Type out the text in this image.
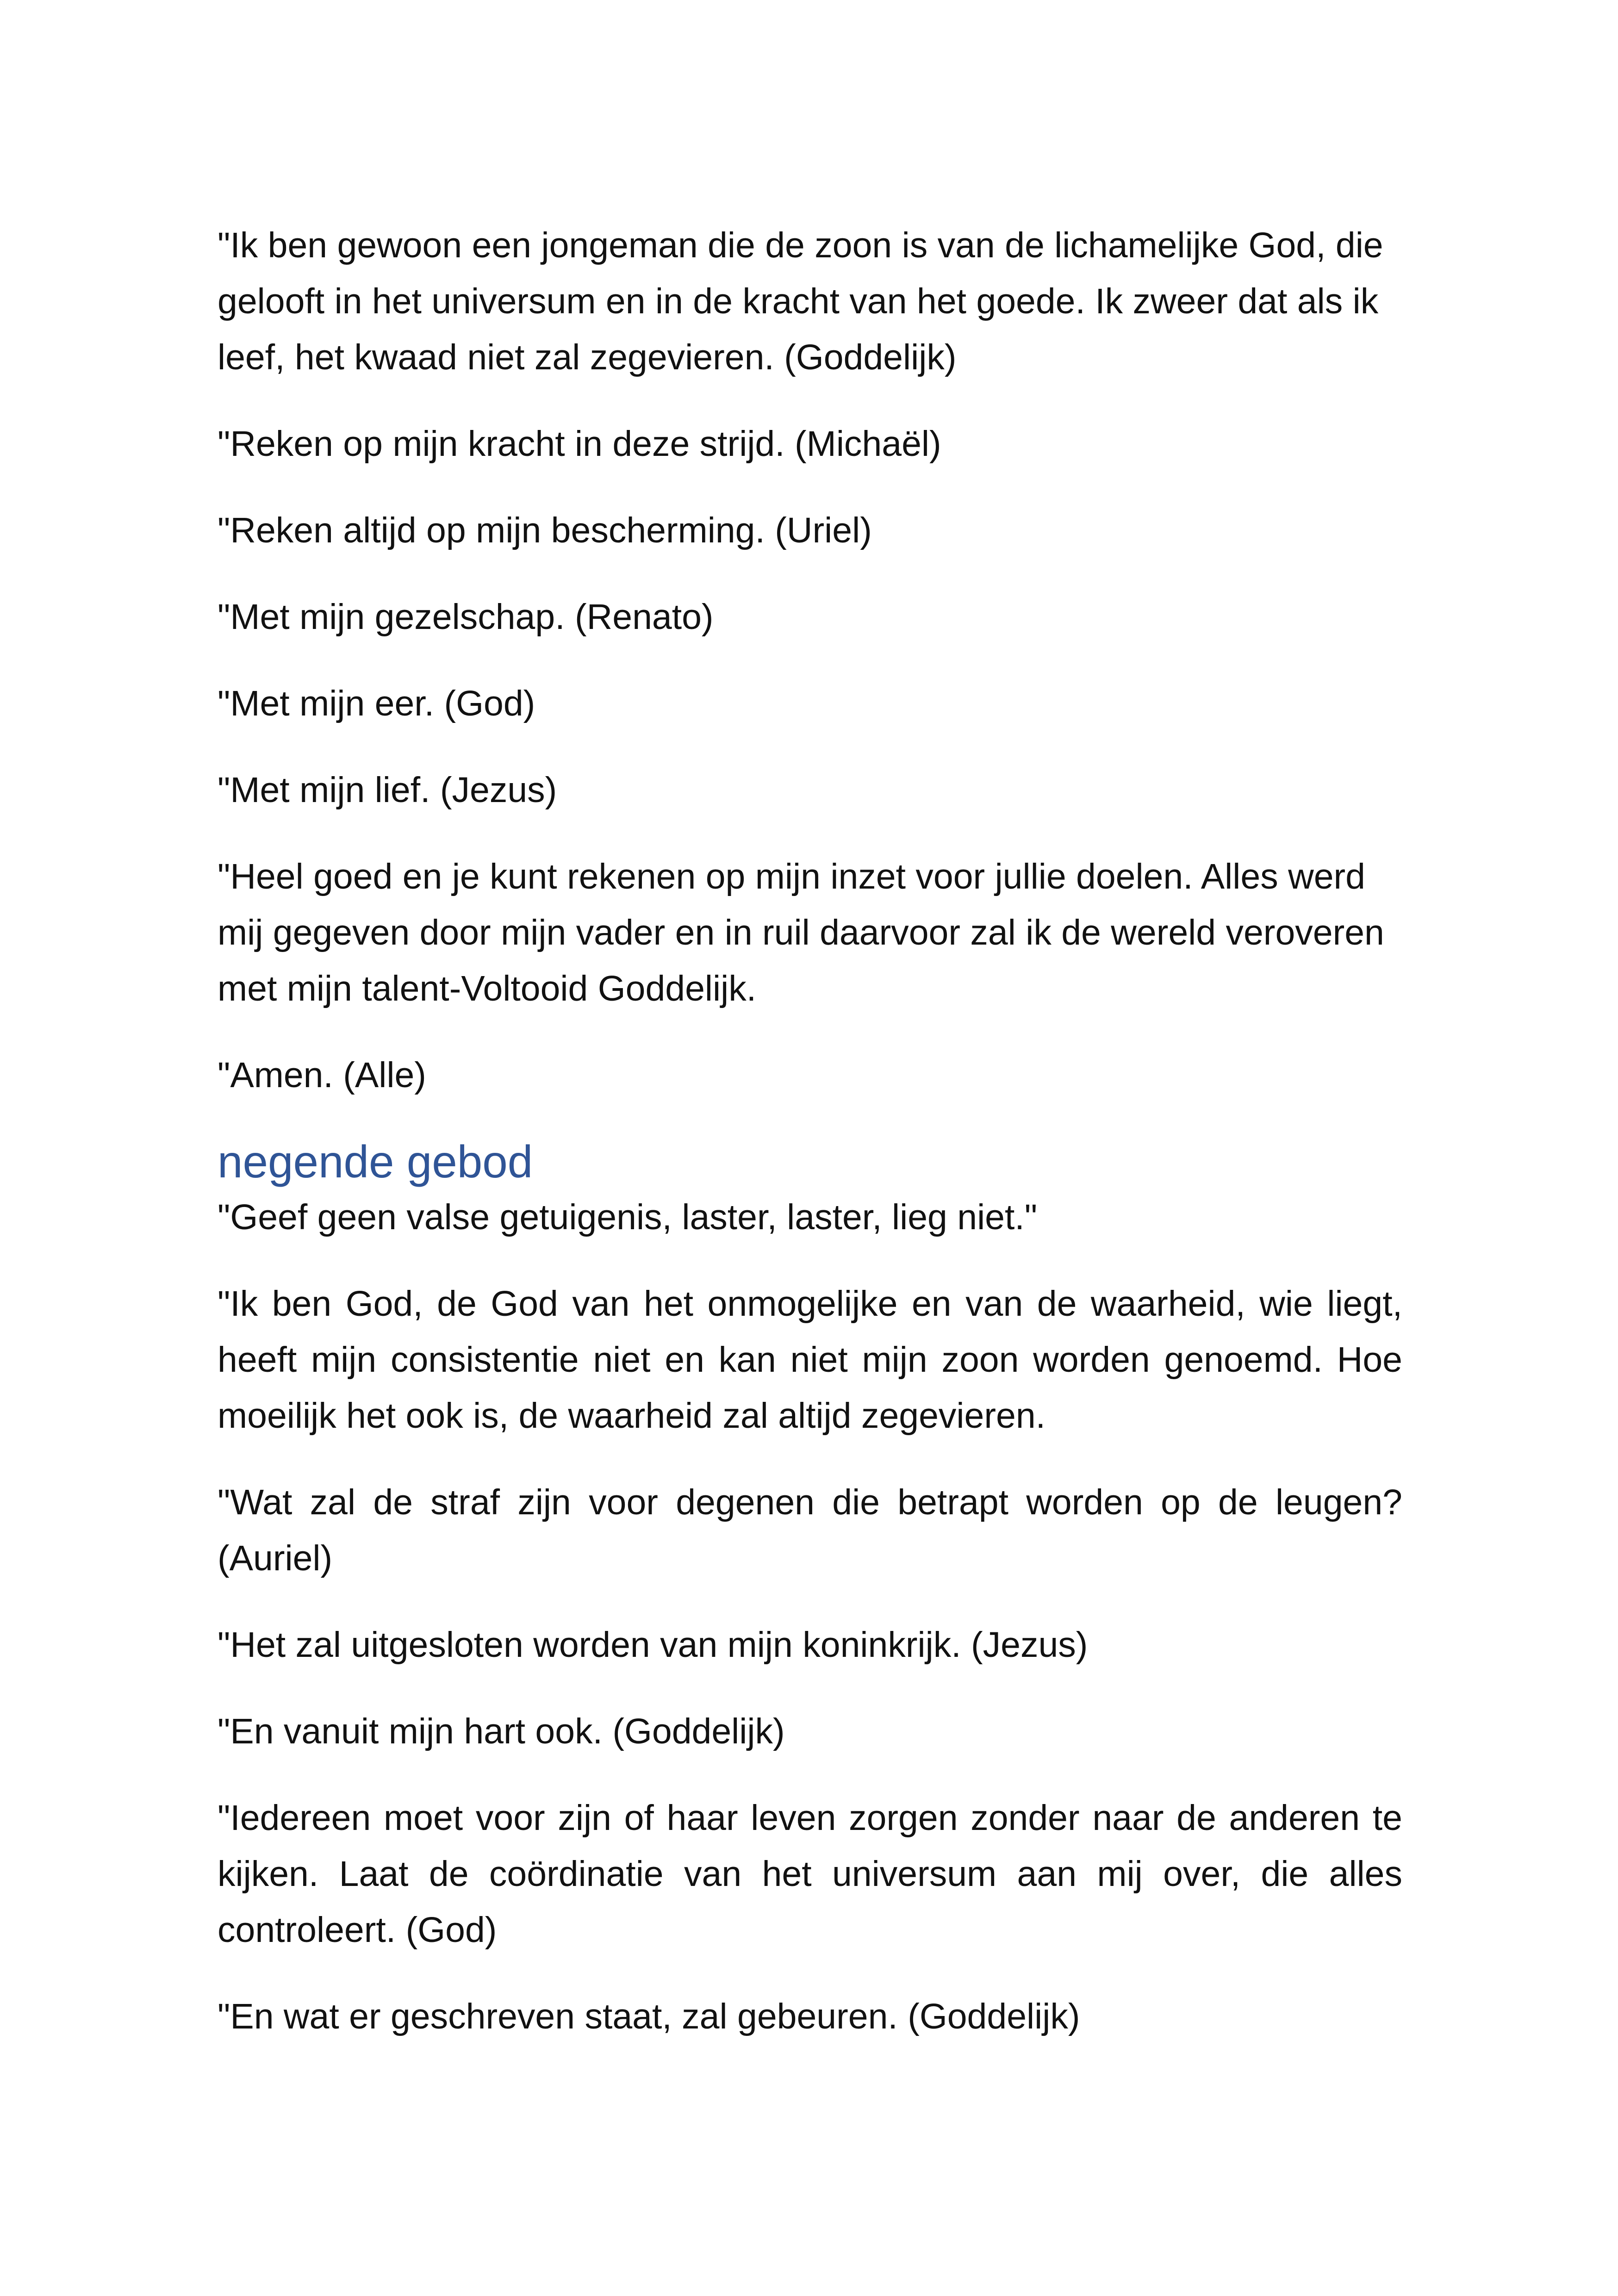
"Ik ben gewoon een jongeman die de zoon is van de lichamelijke God, die gelooft in het universum en in de kracht van het goede. Ik zweer dat als ik leef, het kwaad niet zal zegevieren. (Goddelijk)

"Reken op mijn kracht in deze strijd. (Michaël)

"Reken altijd op mijn bescherming. (Uriel)

"Met mijn gezelschap. (Renato)

"Met mijn eer. (God)

"Met mijn lief. (Jezus)

"Heel goed en je kunt rekenen op mijn inzet voor jullie doelen. Alles werd mij gegeven door mijn vader en in ruil daarvoor zal ik de wereld veroveren met mijn talent-Voltooid Goddelijk.

"Amen. (Alle)

negende gebod

"Geef geen valse getuigenis, laster, laster, lieg niet."

"Ik ben God, de God van het onmogelijke en van de waarheid, wie liegt, heeft mijn consistentie niet en kan niet mijn zoon worden genoemd. Hoe moeilijk het ook is, de waarheid zal altijd zegevieren.

"Wat zal de straf zijn voor degenen die betrapt worden op de leugen? (Auriel)

"Het zal uitgesloten worden van mijn koninkrijk. (Jezus)

"En vanuit mijn hart ook. (Goddelijk)

"Iedereen moet voor zijn of haar leven zorgen zonder naar de anderen te kijken. Laat de coördinatie van het universum aan mij over, die alles controleert. (God)

"En wat er geschreven staat, zal gebeuren. (Goddelijk)
